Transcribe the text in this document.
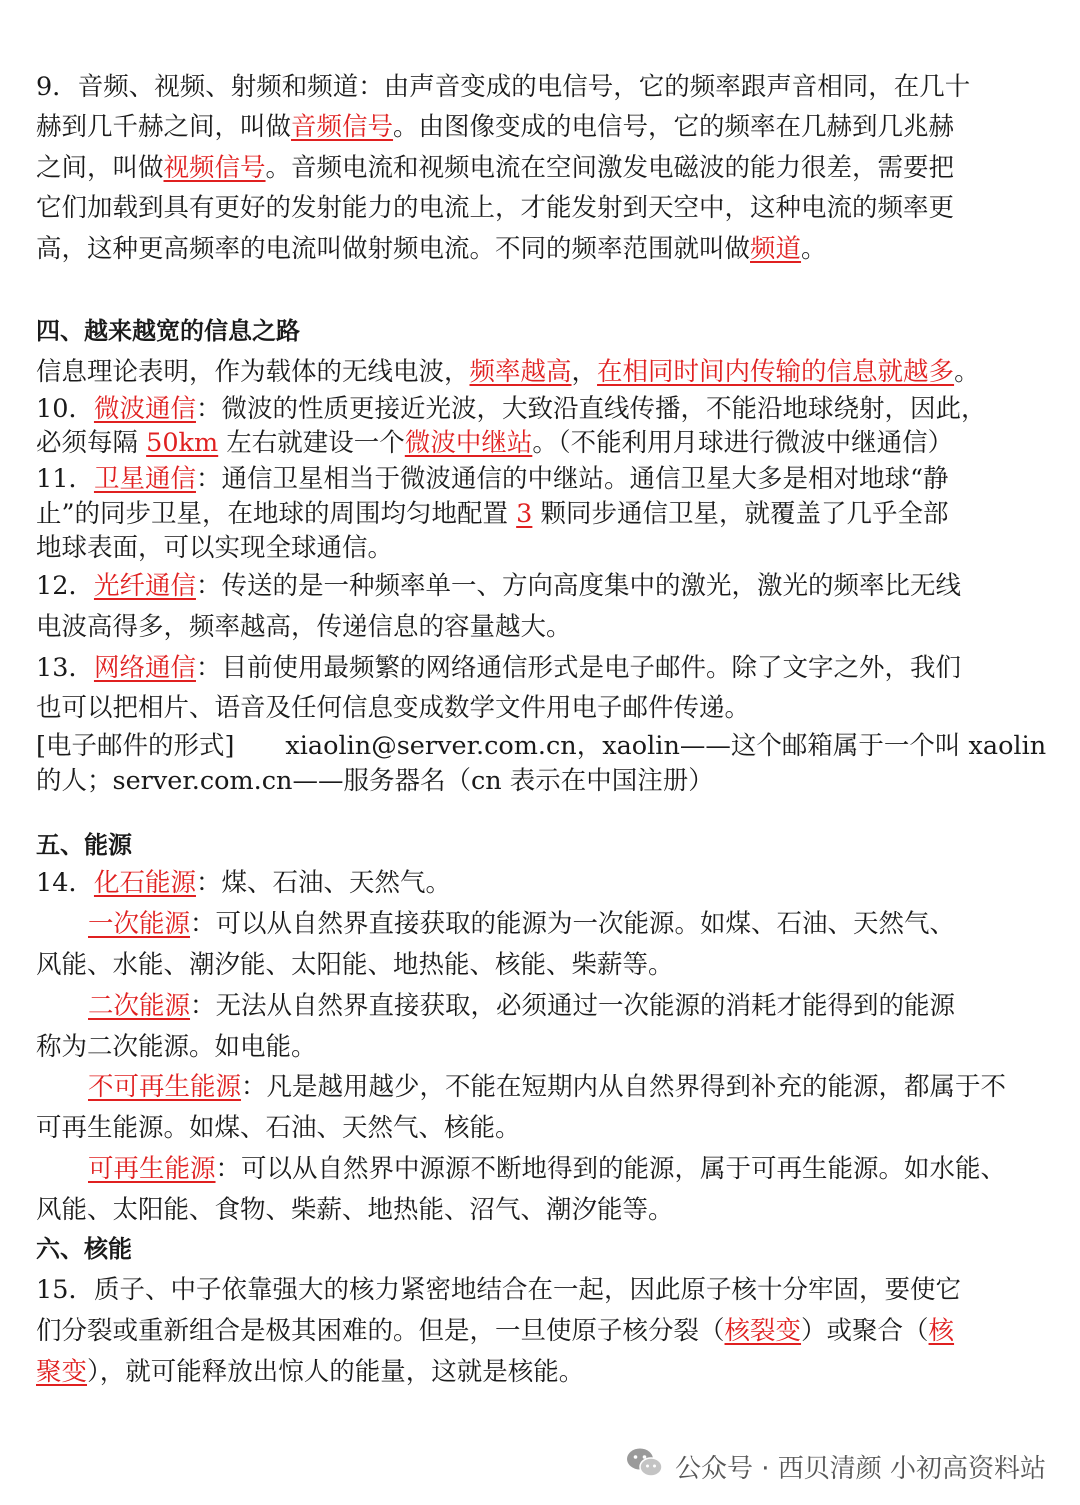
9．音频、视频、射频和频道：由声音变成的电信号，它的频率跟声音相同，在几十
赫到几千赫之间，叫做音频信号。由图像变成的电信号，它的频率在几赫到几兆赫
之间，叫做视频信号。音频电流和视频电流在空间激发电磁波的能力很差，需要把
它们加载到具有更好的发射能力的电流上，才能发射到天空中，这种电流的频率更
高，这种更高频率的电流叫做射频电流。不同的频率范围就叫做频道。
四、越来越宽的信息之路
信息理论表明，作为载体的无线电波，频率越高，在相同时间内传输的信息就越多。
10．微波通信：微波的性质更接近光波，大致沿直线传播，不能沿地球绕射，因此，
必须每隔 50km 左右就建设一个微波中继站。（不能利用月球进行微波中继通信）
11．卫星通信：通信卫星相当于微波通信的中继站。通信卫星大多是相对地球“静
止”的同步卫星，在地球的周围均匀地配置 3 颗同步通信卫星，就覆盖了几乎全部
地球表面，可以实现全球通信。
12．光纤通信：传送的是一种频率单一、方向高度集中的激光，激光的频率比无线
电波高得多，频率越高，传递信息的容量越大。
13．网络通信：目前使用最频繁的网络通信形式是电子邮件。除了文字之外，我们
也可以把相片、语音及任何信息变成数学文件用电子邮件传递。
[电子邮件的形式]　　xiaolin@server.com.cn，xaolin——这个邮箱属于一个叫 xaolin
的人；server.com.cn——服务器名（cn 表示在中国注册）
五、能源
14．化石能源：煤、石油、天然气。
一次能源：可以从自然界直接获取的能源为一次能源。如煤、石油、天然气、
风能、水能、潮汐能、太阳能、地热能、核能、柴薪等。
二次能源：无法从自然界直接获取，必须通过一次能源的消耗才能得到的能源
称为二次能源。如电能。
不可再生能源：凡是越用越少，不能在短期内从自然界得到补充的能源，都属于不
可再生能源。如煤、石油、天然气、核能。
可再生能源：可以从自然界中源源不断地得到的能源，属于可再生能源。如水能、
风能、太阳能、食物、柴薪、地热能、沼气、潮汐能等。
六、核能
15．质子、中子依靠强大的核力紧密地结合在一起，因此原子核十分牢固，要使它
们分裂或重新组合是极其困难的。但是，一旦使原子核分裂（核裂变）或聚合（核
聚变），就可能释放出惊人的能量，这就是核能。
公众号 · 西贝清颜 小初高资料站
